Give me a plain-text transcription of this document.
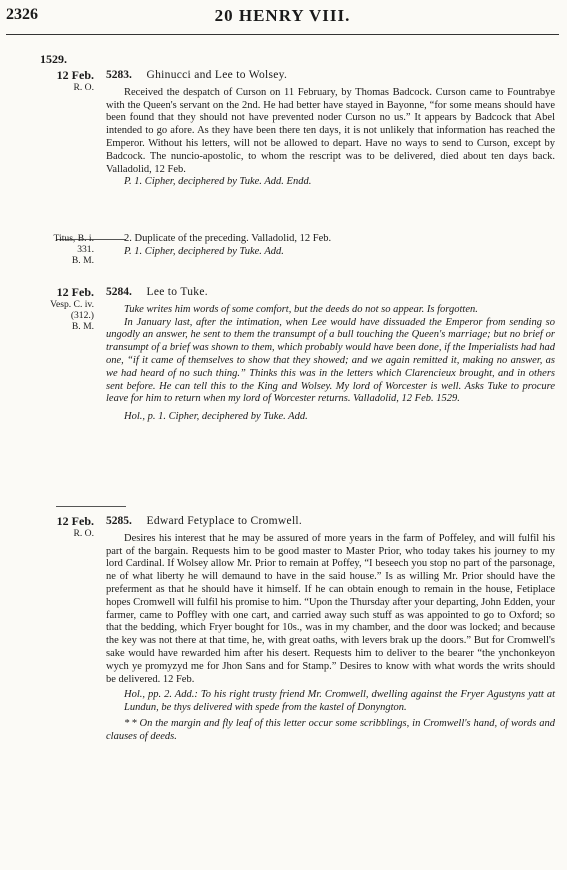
2326	20 HENRY VIII.
1529.
12 Feb.
R. O.
5283. Ghinucci and Lee to Wolsey.

Received the despatch of Curson on 11 February, by Thomas Badcock. Curson came to Fountrabye with the Queen's servant on the 2nd. He had better have stayed in Bayonne, “for some means should have been found that they should not have prevented noder Curson no us.” It appears by Badcock that Abel intended to go afore. As they have been there ten days, it is not unlikely that information has reached the Emperor. Without his letters, will not be allowed to depart. Have no ways to send to Curson, except by Badcock. The nuncio-apostolic, to whom the rescript was to be delivered, died about ten days back. Valladolid, 12 Feb.

P. 1. Cipher, deciphered by Tuke. Add. Endd.

Titus, B. i.
331.
B. M.

2. Duplicate of the preceding. Valladolid, 12 Feb.

P. 1. Cipher, deciphered by Tuke. Add.

12 Feb.
Vesp. C. iv.
(312.)
B. M.
5284. Lee to Tuke.

Tuke writes him words of some comfort, but the deeds do not so appear. Is forgotten.

In January last, after the intimation, when Lee would have dissuaded the Emperor from sending so ungodly an answer, he sent to them the transumpt of a bull touching the Queen's marriage; but no brief or transumpt of a brief was shown to them, which probably would have been done, if the Imperialists had had one, “if it came of themselves to show that they showed; and we again remitted it, making no answer, as we had heard of no such thing.” Thinks this was in the letters which Clarencieux brought, and in others sent before. He can tell this to the King and Wolsey. My lord of Worcester is well. Asks Tuke to procure leave for him to return when my lord of Worcester returns. Valladolid, 12 Feb. 1529.

Hol., p. 1. Cipher, deciphered by Tuke. Add.

12 Feb.
R. O.
5285. Edward Fetyplace to Cromwell.

Desires his interest that he may be assured of more years in the farm of Poffeley, and will fulfil his part of the bargain. Requests him to be good master to Master Prior, who today takes his journey to my lord Cardinal. If Wolsey allow Mr. Prior to remain at Poffey, “I beseech you stop no part of the parsonage, ne of what liberty he will demaund to have in the said house.” Is as willing Mr. Prior should have the preferment as that he should have it himself. If he can obtain enough to remain in the house, Fetiplace hopes Cromwell will fulfil his promise to him. “Upon the Thursday after your departing, John Edden, your farmer, came to Poffley with one cart, and carried away such stuff as was appointed to go to Oxford; so that the bedding, which Fryer bought for 10s., was in my chamber, and the door was locked; and because the key was not there at that time, he, with great oaths, with levers brak up the doors.” But for Cromwell's sake would have rewarded him after his desert. Requests him to deliver to the bearer “the ynchonkeyon wych ye promyzyd me for Jhon Sans and for Stamp.” Desires to know with what words the writs should be delivered. 12 Feb.

Hol., pp. 2. Add.: To his right trusty friend Mr. Cromwell, dwelling against the Fryer Agustyns yatt at Lundun, be thys delivered with spede from the kastel of Donyngton.

* * On the margin and fly leaf of this letter occur some scribblings, in Cromwell's hand, of words and clauses of deeds.
